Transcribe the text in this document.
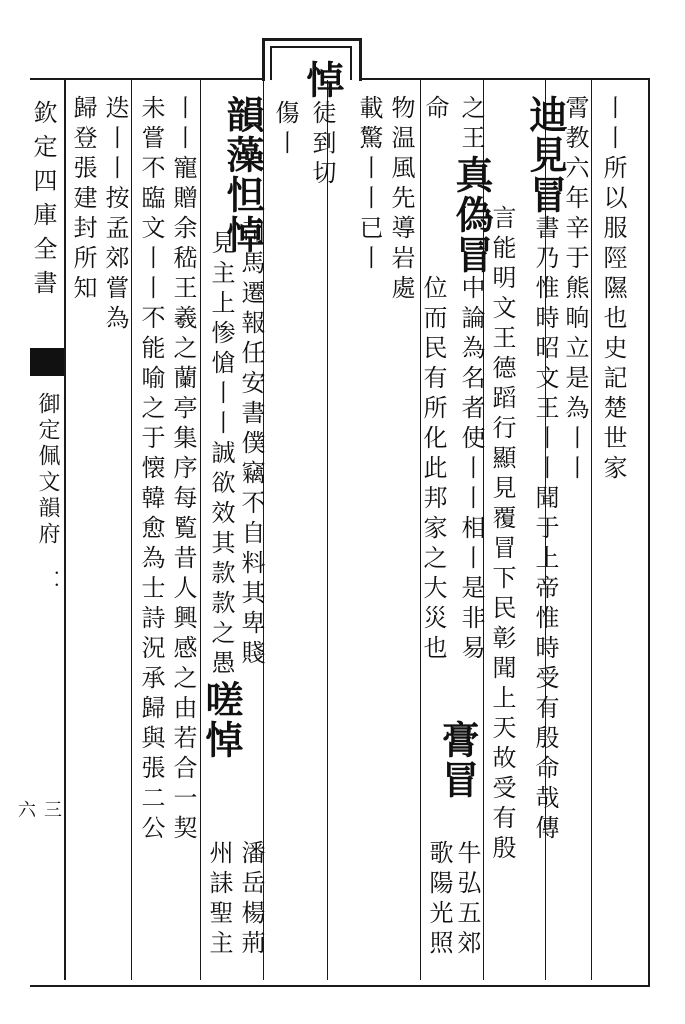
欽定四庫全書
御定佩文韻府
．．
三六
丨丨所以服陘隰也史記楚世家
霄教六年辛于熊晌立是為丨丨
迪見冒書乃惟時昭文王丨丨聞于上帝惟時受有殷命哉傳
言能明文王德蹈行顯見覆冒下民彰聞上天故受有殷
之王真偽冒中論為名者使丨丨相丨是非易
命

位而民有所化此邦家之大災也
膏冒
牛弘五郊
歌陽光照
物温風先導岩處
載驚丨丨已丨
悼徒到切
傷丨
韻藻怛悼
司馬遷報任安書僕竊不自料其卑賤
見主上惨愴丨丨誠欲效其款款之愚嗟悼
潘岳楊荊
州誄聖主
丨丨寵贈余嵇王羲之蘭亭集序每覧昔人興感之由若合一契
未嘗不臨文丨丨不能喻之于懐韓愈為士詩況承歸與張二公
迭丨丨按孟郊嘗為
歸登張建封所知
